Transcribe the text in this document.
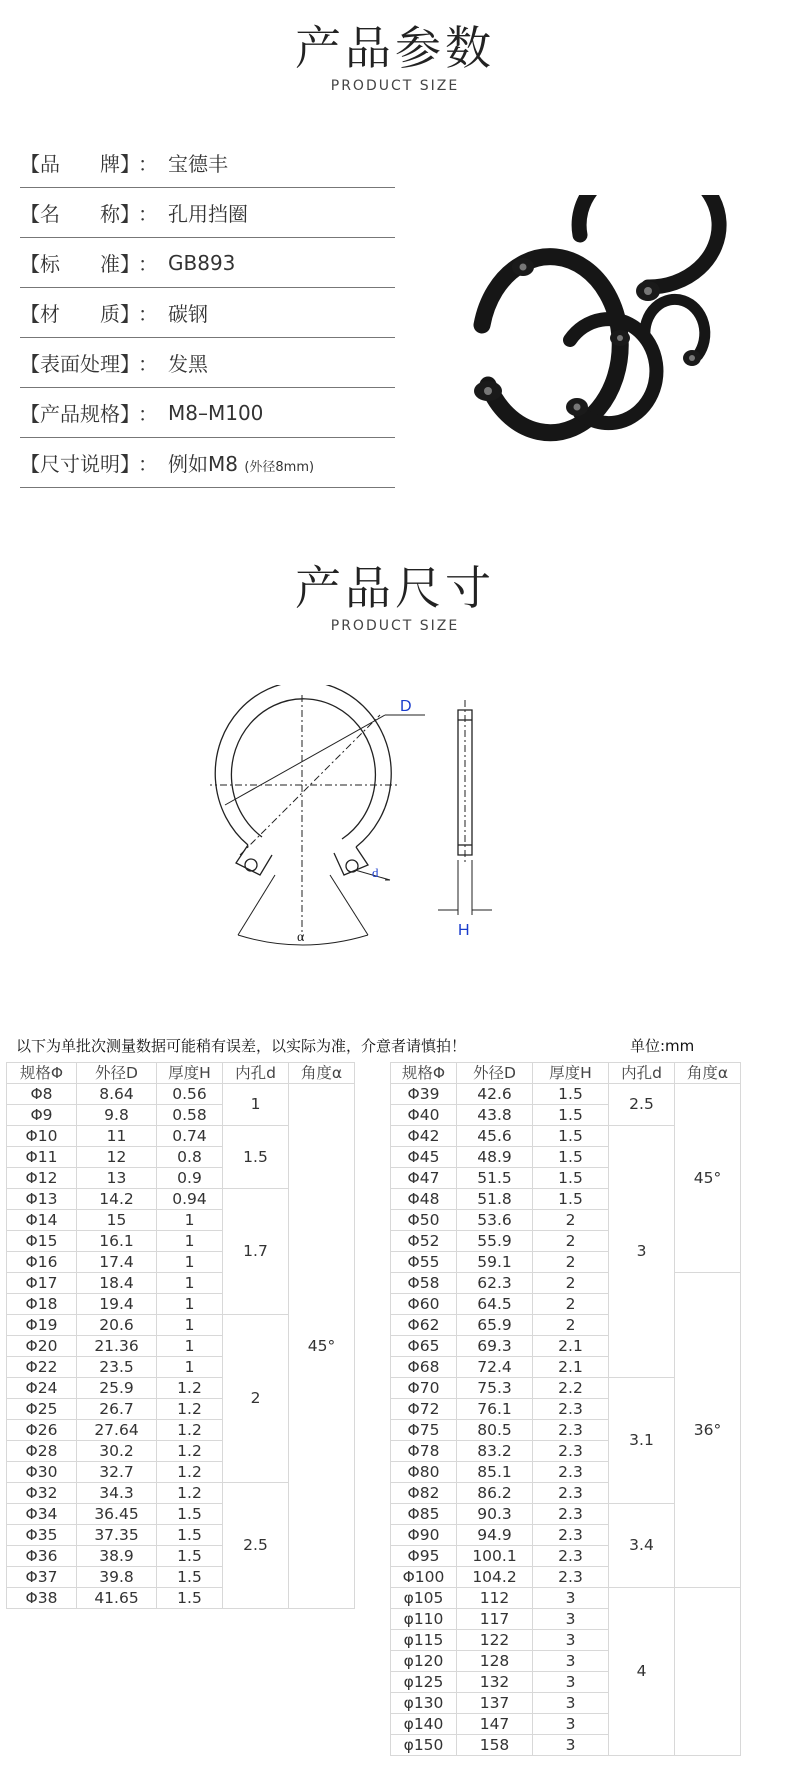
产品参数
PRODUCT SIZE
【品　　牌】
： 宝德丰
【名　　称】
： 孔用挡圈
【标　　准】
： GB893
【材　　质】
： 碳钢
【表面处理】
： 发黑
【产品规格】
： M8–M100
【尺寸说明】
： 例如M8 (外径8mm)
产品尺寸
PRODUCT SIZE
D
d
H
α
以下为单批次测量数据可能稍有误差，以实际为准，介意者请慎拍！	单位:mm
规格Φ	外径D	厚度H	内孔d	角度α
Φ8	8.64	0.56	1	45°
Φ9	9.8	0.58		
Φ10	11	0.74	1.5	
Φ11	12	0.8		
Φ12	13	0.9		
Φ13	14.2	0.94	1.7	
Φ14	15	1		
Φ15	16.1	1		
Φ16	17.4	1		
Φ17	18.4	1		
Φ18	19.4	1		
Φ19	20.6	1	2	
Φ20	21.36	1		
Φ22	23.5	1		
Φ24	25.9	1.2		
Φ25	26.7	1.2		
Φ26	27.64	1.2		
Φ28	30.2	1.2		
Φ30	32.7	1.2		
Φ32	34.3	1.2	2.5	
Φ34	36.45	1.5		
Φ35	37.35	1.5		
Φ36	38.9	1.5		
Φ37	39.8	1.5		
Φ38	41.65	1.5		
规格Φ	外径D	厚度H	内孔d	角度α
Φ39	42.6	1.5	2.5	45°
Φ40	43.8	1.5		
Φ42	45.6	1.5	3	
Φ45	48.9	1.5		
Φ47	51.5	1.5		
Φ48	51.8	1.5		
Φ50	53.6	2		
Φ52	55.9	2		
Φ55	59.1	2		
Φ58	62.3	2		36°
Φ60	64.5	2		
Φ62	65.9	2		
Φ65	69.3	2.1		
Φ68	72.4	2.1		
Φ70	75.3	2.2	3.1	
Φ72	76.1	2.3		
Φ75	80.5	2.3		
Φ78	83.2	2.3		
Φ80	85.1	2.3		
Φ82	86.2	2.3		
Φ85	90.3	2.3	3.4	
Φ90	94.9	2.3		
Φ95	100.1	2.3		
Φ100	104.2	2.3		
φ105	112	3	4	
φ110	117	3		
φ115	122	3		
φ120	128	3		
φ125	132	3		
φ130	137	3		
φ140	147	3		
φ150	158	3		
